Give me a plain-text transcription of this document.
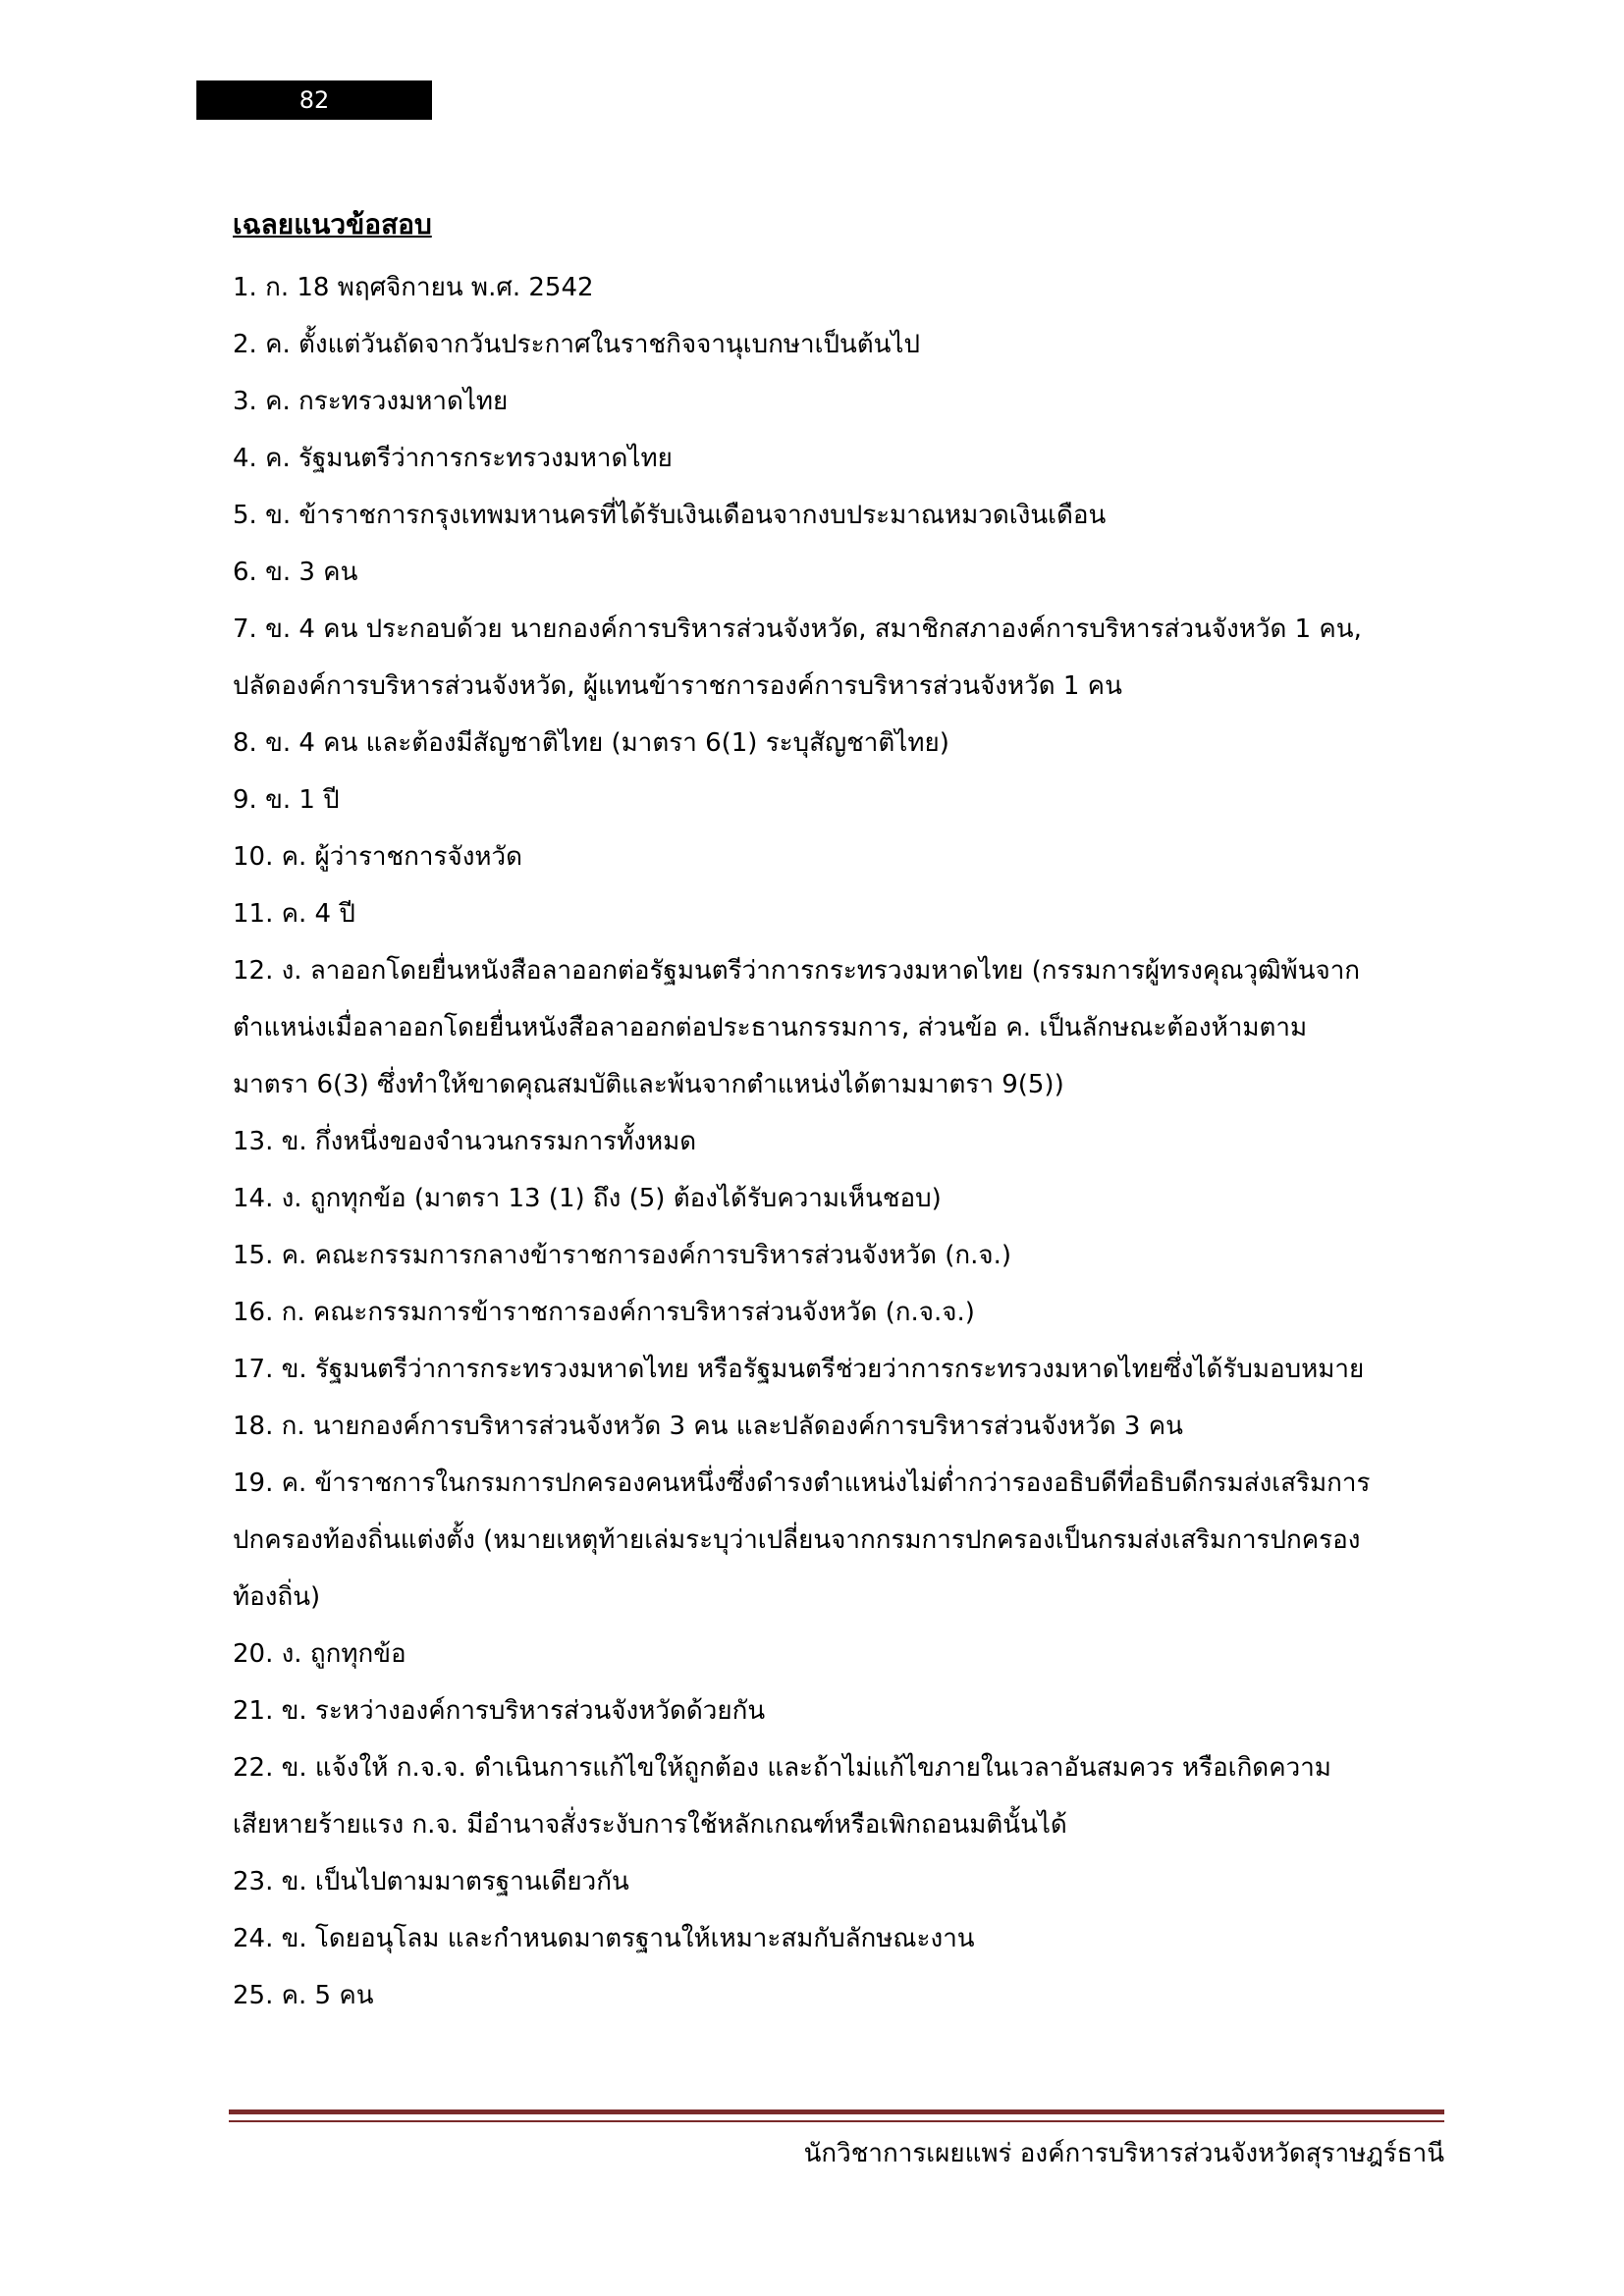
82
เฉลยแนวข้อสอบ
1. ก. 18 พฤศจิกายน พ.ศ. 2542
2. ค. ตั้งแต่วันถัดจากวันประกาศในราชกิจจานุเบกษาเป็นต้นไป
3. ค. กระทรวงมหาดไทย
4. ค. รัฐมนตรีว่าการกระทรวงมหาดไทย
5. ข. ข้าราชการกรุงเทพมหานครที่ได้รับเงินเดือนจากงบประมาณหมวดเงินเดือน
6. ข. 3 คน
7. ข. 4 คน ประกอบด้วย นายกองค์การบริหารส่วนจังหวัด, สมาชิกสภาองค์การบริหารส่วนจังหวัด 1 คน,
ปลัดองค์การบริหารส่วนจังหวัด, ผู้แทนข้าราชการองค์การบริหารส่วนจังหวัด 1 คน
8. ข. 4 คน และต้องมีสัญชาติไทย (มาตรา 6(1) ระบุสัญชาติไทย)
9. ข. 1 ปี
10. ค. ผู้ว่าราชการจังหวัด
11. ค. 4 ปี
12. ง. ลาออกโดยยื่นหนังสือลาออกต่อรัฐมนตรีว่าการกระทรวงมหาดไทย (กรรมการผู้ทรงคุณวุฒิพ้นจาก
ตำแหน่งเมื่อลาออกโดยยื่นหนังสือลาออกต่อประธานกรรมการ, ส่วนข้อ ค. เป็นลักษณะต้องห้ามตาม
มาตรา 6(3) ซึ่งทำให้ขาดคุณสมบัติและพ้นจากตำแหน่งได้ตามมาตรา 9(5))
13. ข. กึ่งหนึ่งของจำนวนกรรมการทั้งหมด
14. ง. ถูกทุกข้อ (มาตรา 13 (1) ถึง (5) ต้องได้รับความเห็นชอบ)
15. ค. คณะกรรมการกลางข้าราชการองค์การบริหารส่วนจังหวัด (ก.จ.)
16. ก. คณะกรรมการข้าราชการองค์การบริหารส่วนจังหวัด (ก.จ.จ.)
17. ข. รัฐมนตรีว่าการกระทรวงมหาดไทย หรือรัฐมนตรีช่วยว่าการกระทรวงมหาดไทยซึ่งได้รับมอบหมาย
18. ก. นายกองค์การบริหารส่วนจังหวัด 3 คน และปลัดองค์การบริหารส่วนจังหวัด 3 คน
19. ค. ข้าราชการในกรมการปกครองคนหนึ่งซึ่งดำรงตำแหน่งไม่ต่ำกว่ารองอธิบดีที่อธิบดีกรมส่งเสริมการ
ปกครองท้องถิ่นแต่งตั้ง (หมายเหตุท้ายเล่มระบุว่าเปลี่ยนจากกรมการปกครองเป็นกรมส่งเสริมการปกครอง
ท้องถิ่น)
20. ง. ถูกทุกข้อ
21. ข. ระหว่างองค์การบริหารส่วนจังหวัดด้วยกัน
22. ข. แจ้งให้ ก.จ.จ. ดำเนินการแก้ไขให้ถูกต้อง และถ้าไม่แก้ไขภายในเวลาอันสมควร หรือเกิดความ
เสียหายร้ายแรง ก.จ. มีอำนาจสั่งระงับการใช้หลักเกณฑ์หรือเพิกถอนมตินั้นได้
23. ข. เป็นไปตามมาตรฐานเดียวกัน
24. ข. โดยอนุโลม และกำหนดมาตรฐานให้เหมาะสมกับลักษณะงาน
25. ค. 5 คน
นักวิชาการเผยแพร่ องค์การบริหารส่วนจังหวัดสุราษฎร์ธานี
